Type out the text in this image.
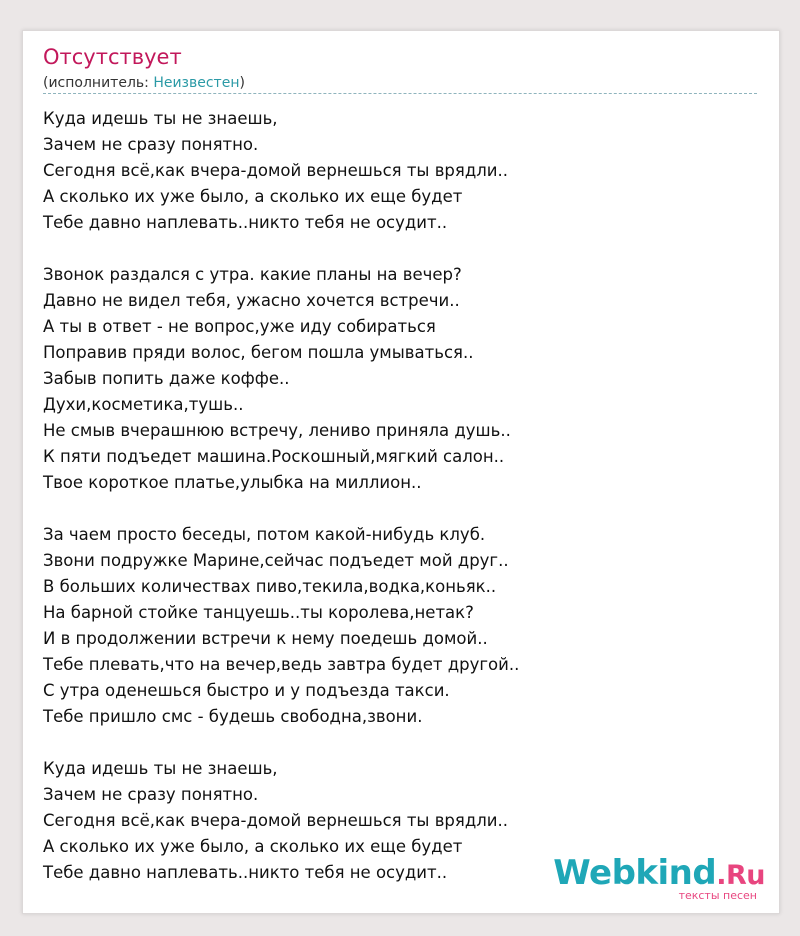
Отсутствует
(исполнитель: Неизвестен)
Куда идешь ты не знаешь,
Зачем не сразу понятно.
Сегодня всё,как вчера-домой вернешься ты врядли..
А сколько их уже было, а сколько их еще будет
Тебе давно наплевать..никто тебя не осудит..
Звонок раздался с утра. какие планы на вечер?
Давно не видел тебя, ужасно хочется встречи..
А ты в ответ - не вопрос,уже иду собираться
Поправив пряди волос, бегом пошла умываться..
Забыв попить даже коффе..
Духи,косметика,тушь..
Не смыв вчерашнюю встречу, лениво приняла душь..
К пяти подъедет машина.Роскошный,мягкий салон..
Твое короткое платье,улыбка на миллион..
За чаем просто беседы, потом какой-нибудь клуб.
Звони подружке Марине,сейчас подъедет мой друг..
В больших количествах пиво,текила,водка,коньяк..
На барной стойке танцуешь..ты королева,нетак?
И в продолжении встречи к нему поедешь домой..
Тебе плевать,что на вечер,ведь завтра будет другой..
С утра оденешься быстро и у подъезда такси.
Тебе пришло смс - будешь свободна,звони.
Куда идешь ты не знаешь,
Зачем не сразу понятно.
Сегодня всё,как вчера-домой вернешься ты врядли..
А сколько их уже было, а сколько их еще будет
Тебе давно наплевать..никто тебя не осудит..	Webkind.Ru
тексты песен
